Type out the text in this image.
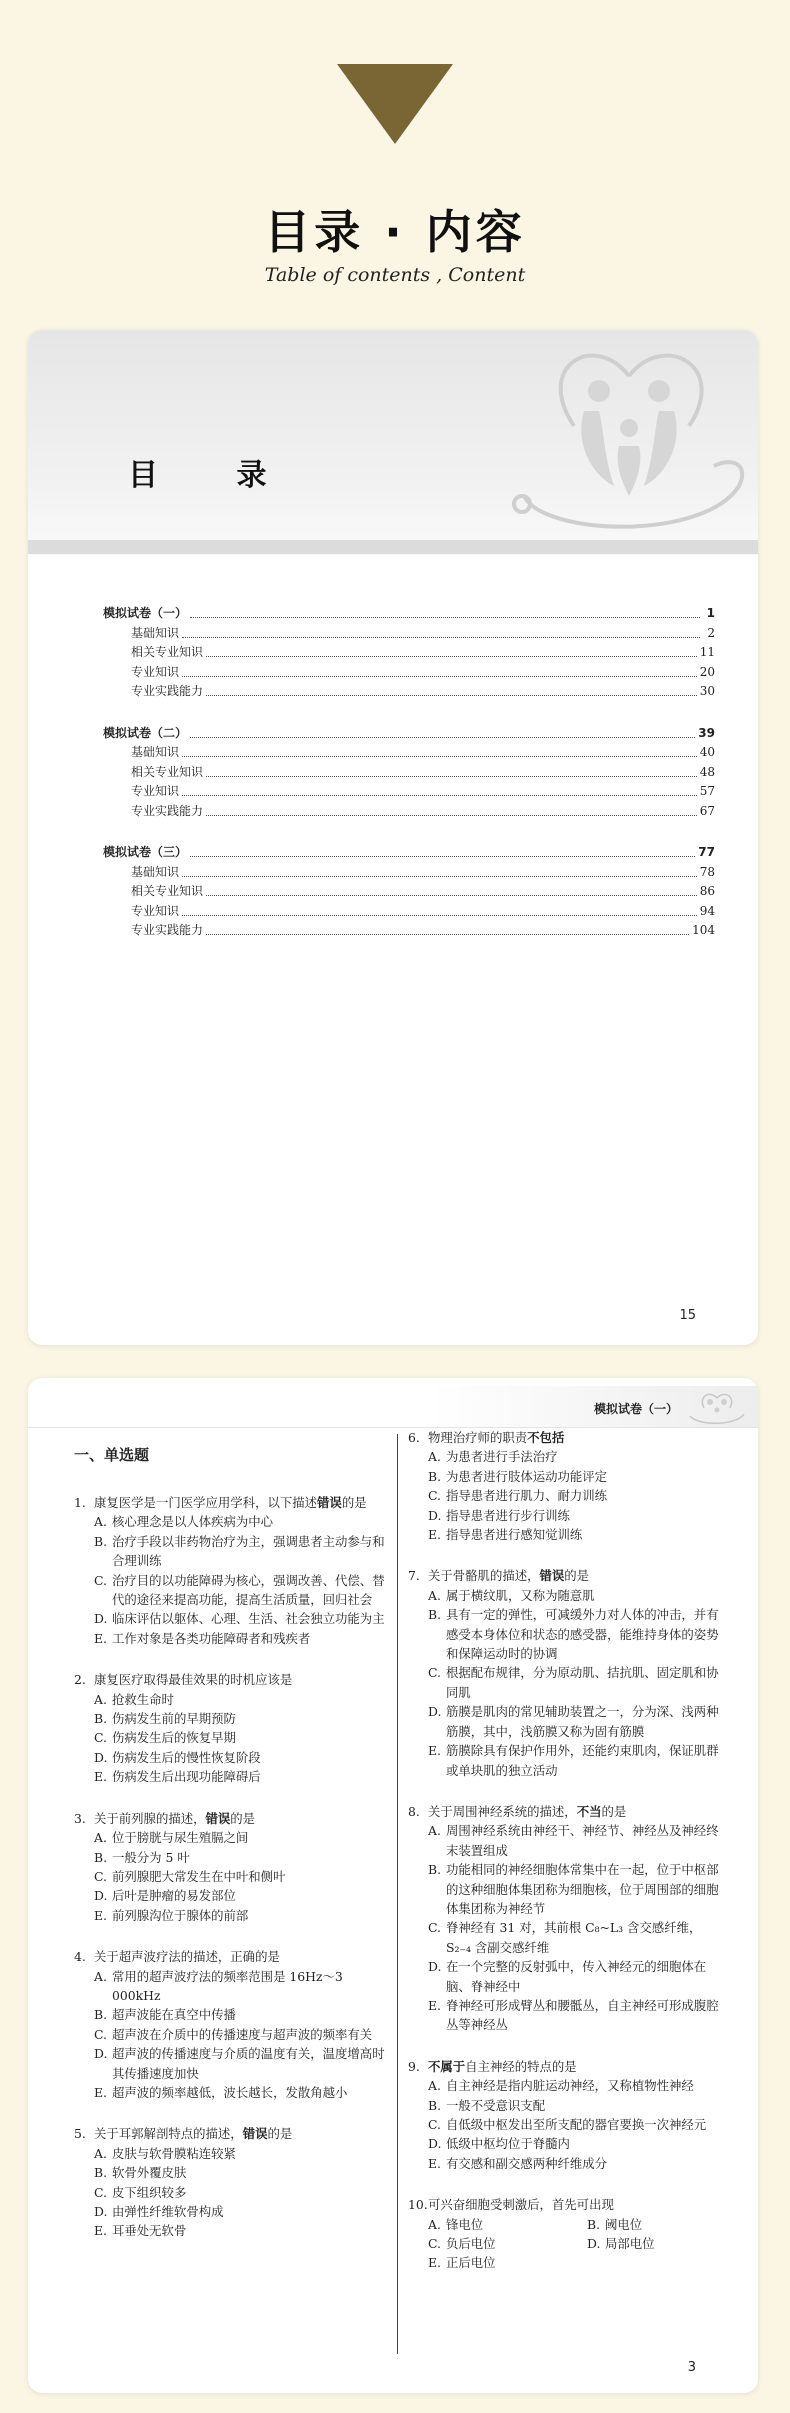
目录 · 内容
Table of contents , Content
目 录
模拟试卷（一）	1
基础知识	2
相关专业知识	11
专业知识	20
专业实践能力	30
模拟试卷（二）	39
基础知识	40
相关专业知识	48
专业知识	57
专业实践能力	67
模拟试卷（三）	77
基础知识	78
相关专业知识	86
专业知识	94
专业实践能力	104
15
模拟试卷（一）
一、单选题
1. 康复医学是一门医学应用学科，以下描述错误的是
A. 核心理念是以人体疾病为中心
B. 治疗手段以非药物治疗为主，强调患者主动参与和合理训练
C. 治疗目的以功能障碍为核心，强调改善、代偿、替代的途径来提高功能，提高生活质量，回归社会
D. 临床评估以躯体、心理、生活、社会独立功能为主
E. 工作对象是各类功能障碍者和残疾者
2. 康复医疗取得最佳效果的时机应该是
A. 抢救生命时
B. 伤病发生前的早期预防
C. 伤病发生后的恢复早期
D. 伤病发生后的慢性恢复阶段
E. 伤病发生后出现功能障碍后
3. 关于前列腺的描述，错误的是
A. 位于膀胱与尿生殖膈之间
B. 一般分为 5 叶
C. 前列腺肥大常发生在中叶和侧叶
D. 后叶是肿瘤的易发部位
E. 前列腺沟位于腺体的前部
4. 关于超声波疗法的描述，正确的是
A. 常用的超声波疗法的频率范围是 16Hz～3 000kHz
B. 超声波能在真空中传播
C. 超声波在介质中的传播速度与超声波的频率有关
D. 超声波的传播速度与介质的温度有关，温度增高时其传播速度加快
E. 超声波的频率越低，波长越长，发散角越小
5. 关于耳郭解剖特点的描述，错误的是
A. 皮肤与软骨膜粘连较紧
B. 软骨外覆皮肤
C. 皮下组织较多
D. 由弹性纤维软骨构成
E. 耳垂处无软骨
6. 物理治疗师的职责不包括
A. 为患者进行手法治疗
B. 为患者进行肢体运动功能评定
C. 指导患者进行肌力、耐力训练
D. 指导患者进行步行训练
E. 指导患者进行感知觉训练
7. 关于骨骼肌的描述，错误的是
A. 属于横纹肌，又称为随意肌
B. 具有一定的弹性，可减缓外力对人体的冲击，并有感受本身体位和状态的感受器，能维持身体的姿势和保障运动时的协调
C. 根据配布规律，分为原动肌、拮抗肌、固定肌和协同肌
D. 筋膜是肌肉的常见辅助装置之一，分为深、浅两种筋膜，其中，浅筋膜又称为固有筋膜
E. 筋膜除具有保护作用外，还能约束肌肉，保证肌群或单块肌的独立活动
8. 关于周围神经系统的描述，不当的是
A. 周围神经系统由神经干、神经节、神经丛及神经终末装置组成
B. 功能相同的神经细胞体常集中在一起，位于中枢部的这种细胞体集团称为细胞核，位于周围部的细胞体集团称为神经节
C. 脊神经有 31 对，其前根 C₈~L₃ 含交感纤维，S₂₋₄ 含副交感纤维
D. 在一个完整的反射弧中，传入神经元的细胞体在脑、脊神经中
E. 脊神经可形成臂丛和腰骶丛，自主神经可形成腹腔丛等神经丛
9. 不属于自主神经的特点的是
A. 自主神经是指内脏运动神经，又称植物性神经
B. 一般不受意识支配
C. 自低级中枢发出至所支配的器官要换一次神经元
D. 低级中枢均位于脊髓内
E. 有交感和副交感两种纤维成分
10.可兴奋细胞受刺激后，首先可出现
A. 锋电位	B. 阈电位
C. 负后电位	D. 局部电位
E. 正后电位
3
